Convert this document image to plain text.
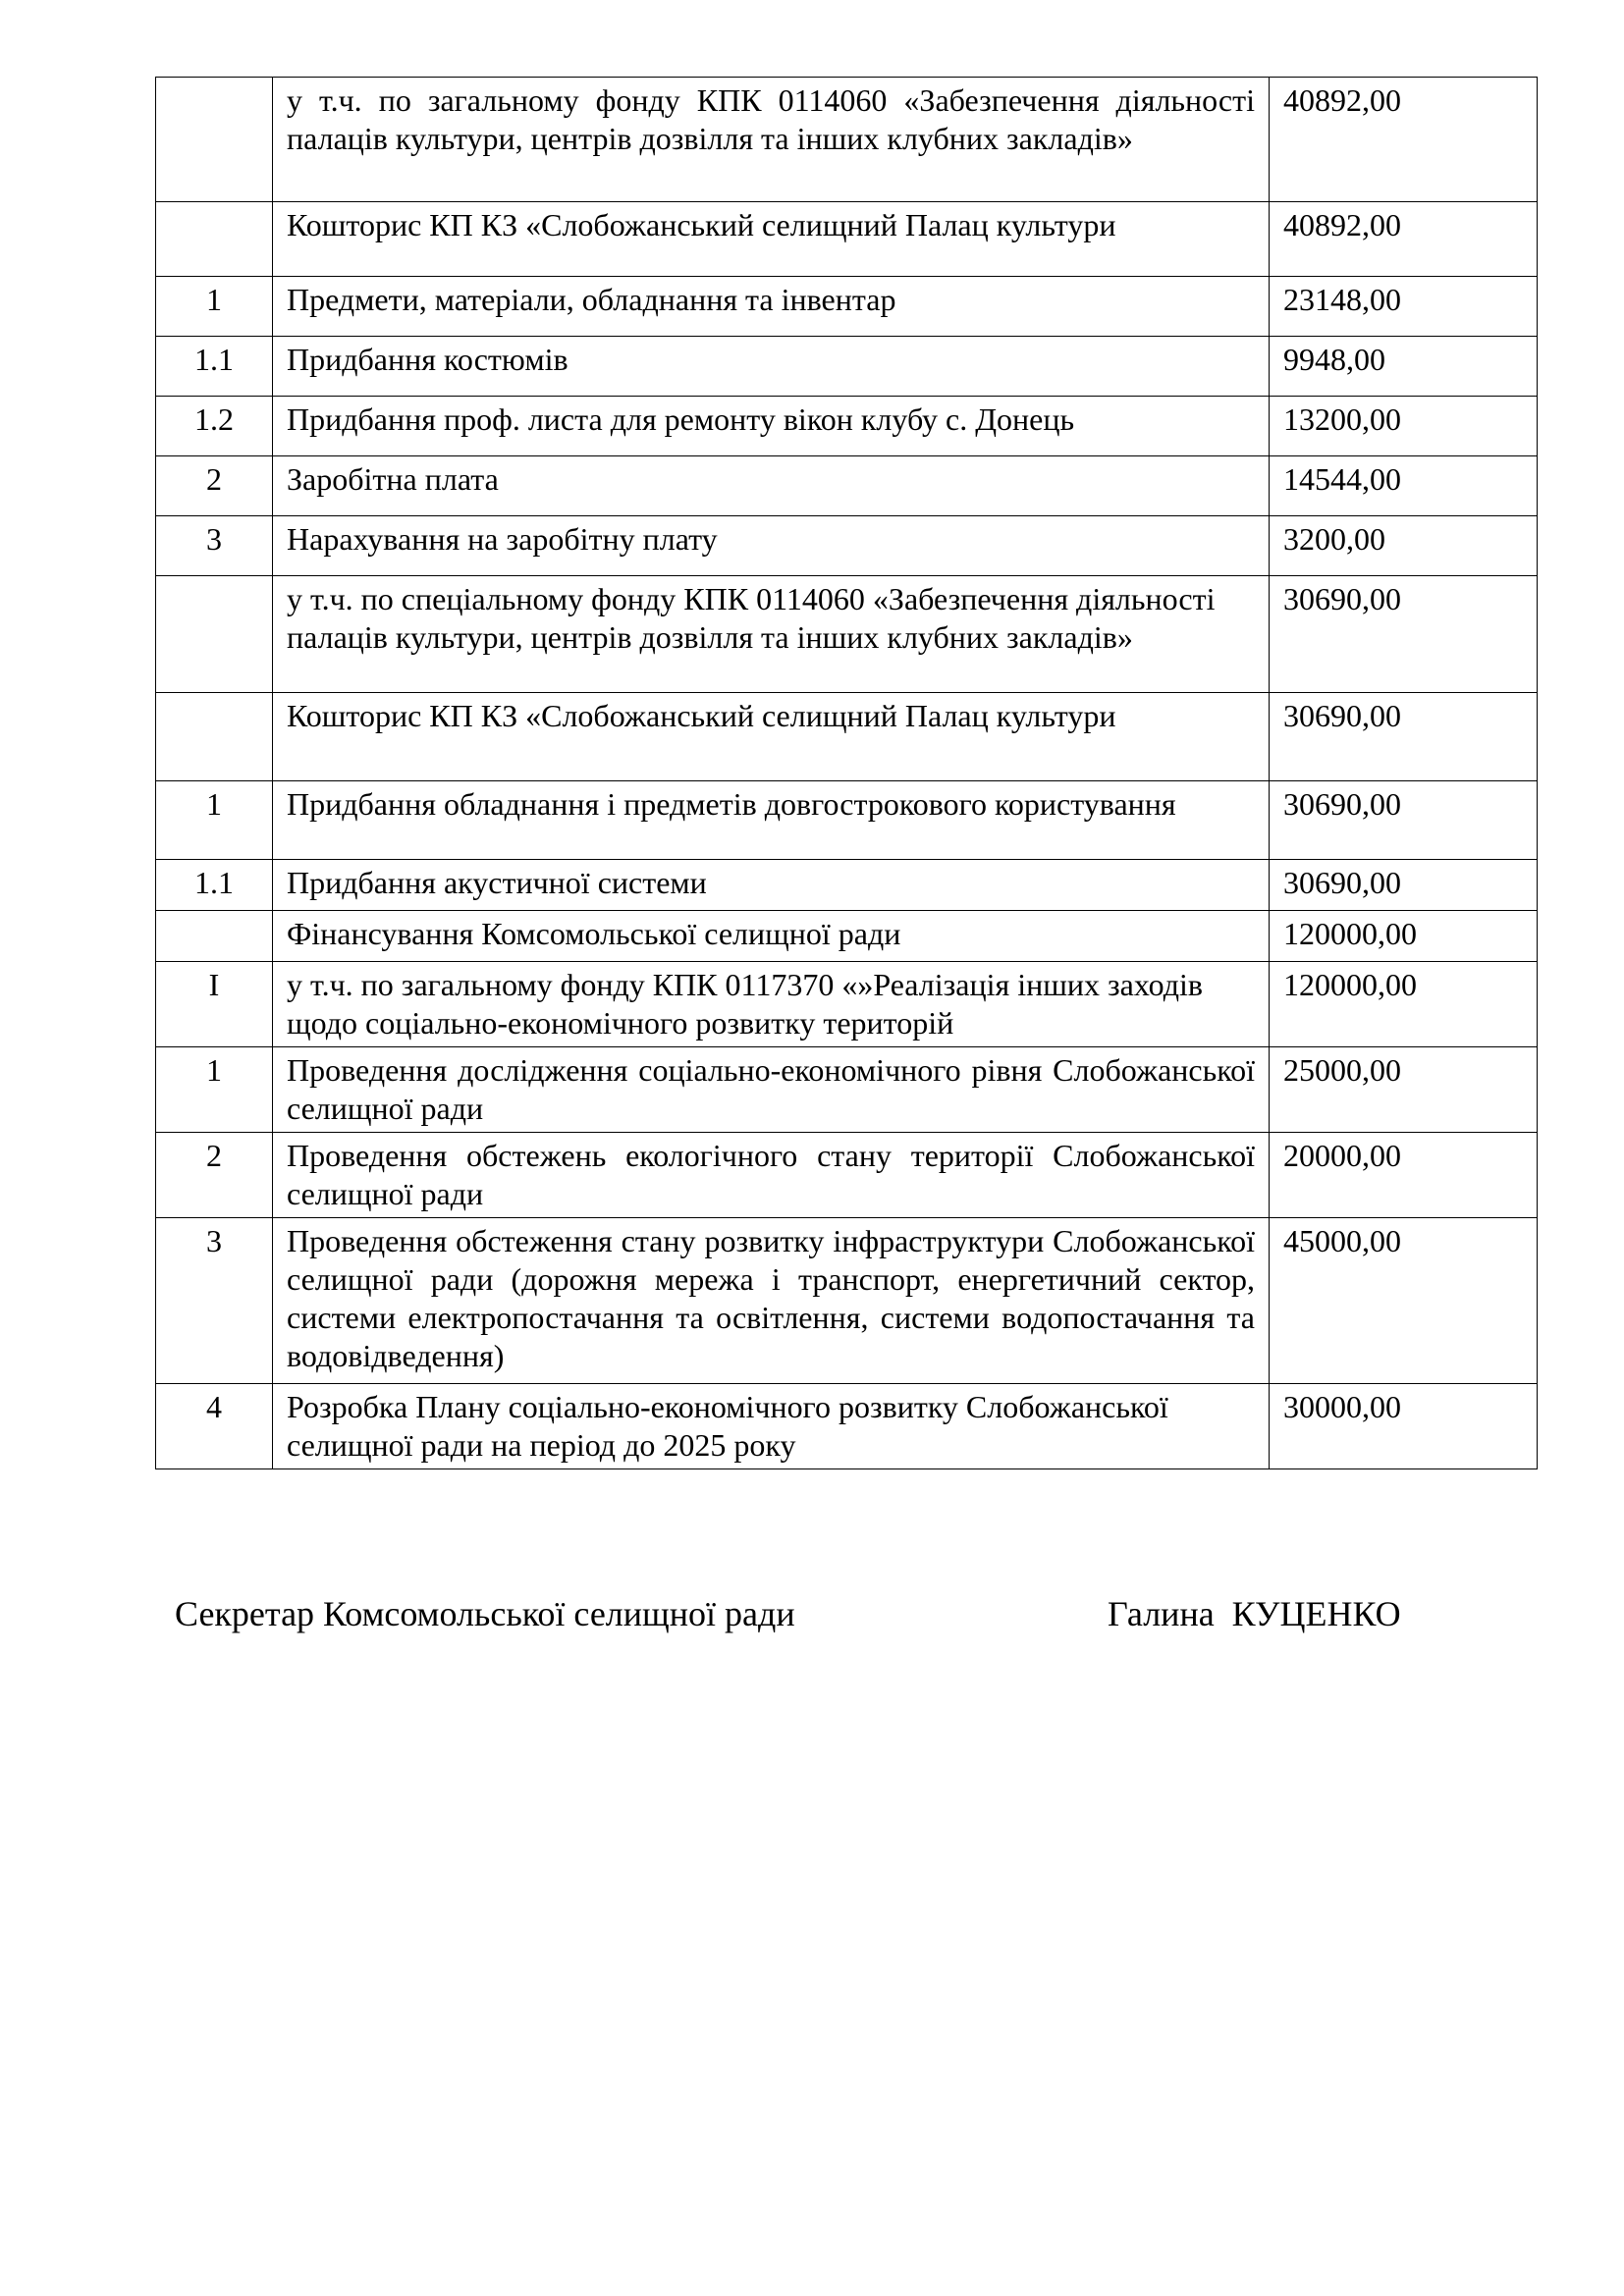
	у т.ч. по загальному фонду КПК 0114060 «Забезпечення діяльності палаців культури, центрів дозвілля та інших клубних закладів»	40892,00
	Кошторис КП КЗ «Слобожанський селищний Палац культури	40892,00
1	Предмети, матеріали, обладнання та інвентар	23148,00
1.1	Придбання костюмів	9948,00
1.2	Придбання проф. листа для ремонту вікон клубу с. Донець	13200,00
2	Заробітна плата	14544,00
3	Нарахування на заробітну плату	3200,00
	у т.ч. по спеціальному фонду КПК 0114060 «Забезпечення діяльності палаців культури, центрів дозвілля та інших клубних закладів»	30690,00
	Кошторис КП КЗ «Слобожанський селищний Палац культури	30690,00
1	Придбання обладнання і предметів довгострокового користування	30690,00
1.1	Придбання акустичної системи	30690,00
	Фінансування Комсомольської селищної ради	120000,00
I	у т.ч. по загальному фонду КПК 0117370 «»Реалізація інших заходів щодо соціально-економічного розвитку територій	120000,00
1	Проведення дослідження соціально-економічного рівня Слобожанської селищної ради	25000,00
2	Проведення обстежень екологічного стану території Слобожанської селищної ради	20000,00
3	Проведення обстеження стану розвитку інфраструктури Слобожанської селищної ради (дорожня мережа і транспорт, енергетичний сектор, системи електропостачання та освітлення, системи водопостачання та водовідведення)	45000,00
4	Розробка Плану соціально-економічного розвитку Слобожанської селищної ради на період до 2025 року	30000,00
Секретар Комсомольської селищної ради	Галина  КУЦЕНКО
